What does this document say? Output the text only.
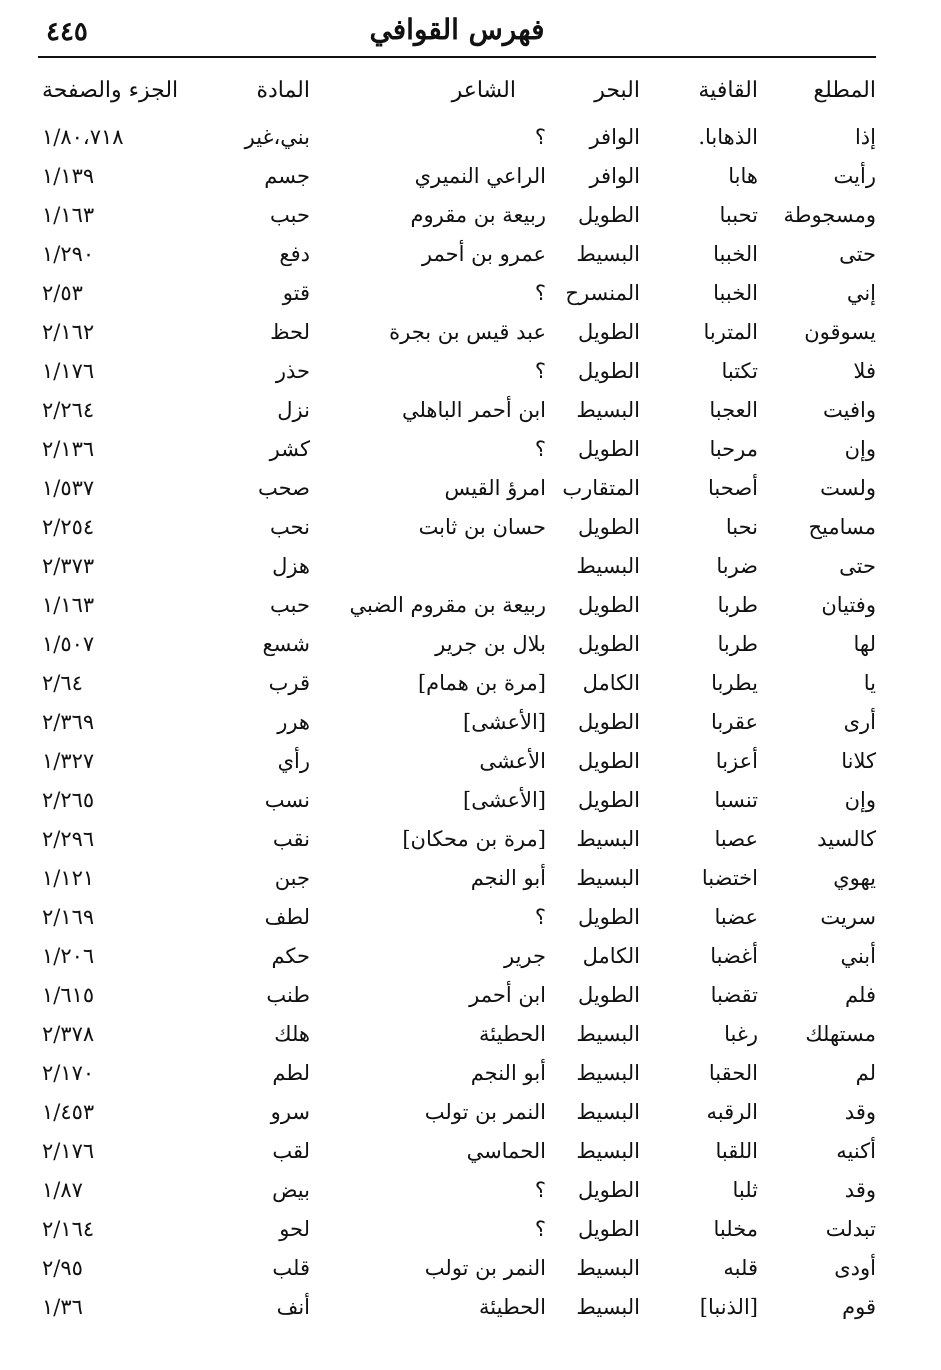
فهرس القوافي
٤٤٥
المطلع
القافية
البحر
الشاعر
المادة
الجزء والصفحة
إذا
الذهابا.
الوافر
؟
بني،غير
١/٨٠،٧١٨
رأيت
هابا
الوافر
الراعي النميري
جسم
١/١٣٩
ومسجوطة
تحببا
الطويل
ربيعة بن مقروم
حبب
١/١٦٣
حتى
الخببا
البسيط
عمرو بن أحمر
دفع
١/٢٩٠
إني
الخببا
المنسرح
؟
قتو
٢/٥٣
يسوقون
المتربا
الطويل
عبد قيس بن بجرة
لحظ
٢/١٦٢
فلا
تكتبا
الطويل
؟
حذر
١/١٧٦
وافيت
العجبا
البسيط
ابن أحمر الباهلي
نزل
٢/٢٦٤
وإن
مرحبا
الطويل
؟
كشر
٢/١٣٦
ولست
أصحبا
المتقارب
امرؤ القيس
صحب
١/٥٣٧
مسامیح
نحبا
الطويل
حسان بن ثابت
نحب
٢/٢٥٤
حتى
ضربا
البسيط
هزل
٢/٣٧٣
وفتيان
طربا
الطويل
ربيعة بن مقروم الضبي
حبب
١/١٦٣
لها
طربا
الطويل
بلال بن جرير
شسع
١/٥٠٧
يا
يطربا
الكامل
[مرة بن همام]
قرب
٢/٦٤
أرى
عقربا
الطويل
[الأعشى]
هرر
٢/٣٦٩
كلانا
أعزبا
الطويل
الأعشى
رأي
١/٣٢٧
وإن
تنسبا
الطويل
[الأعشى]
نسب
٢/٢٦٥
كالسيد
عصبا
البسيط
[مرة بن محكان]
نقب
٢/٢٩٦
يهوي
اختضبا
البسيط
أبو النجم
جبن
١/١٢١
سريت
عضبا
الطويل
؟
لطف
٢/١٦٩
أبني
أغضبا
الكامل
جرير
حكم
١/٢٠٦
فلم
تقضبا
الطويل
ابن أحمر
طنب
١/٦١٥
مستهلك
رغبا
البسيط
الحطيئة
هلك
٢/٣٧٨
لم
الحقبا
البسيط
أبو النجم
لطم
٢/١٧٠
وقد
الرقبه
البسيط
النمر بن تولب
سرو
١/٤٥٣
أكنيه
اللقبا
البسيط
الحماسي
لقب
٢/١٧٦
وقد
ثلبا
الطويل
؟
بيض
١/٨٧
تبدلت
مخلبا
الطويل
؟
لحو
٢/١٦٤
أودى
قلبه
البسيط
النمر بن تولب
قلب
٢/٩٥
قوم
[الذنبا]
البسيط
الحطيئة
أنف
١/٣٦
